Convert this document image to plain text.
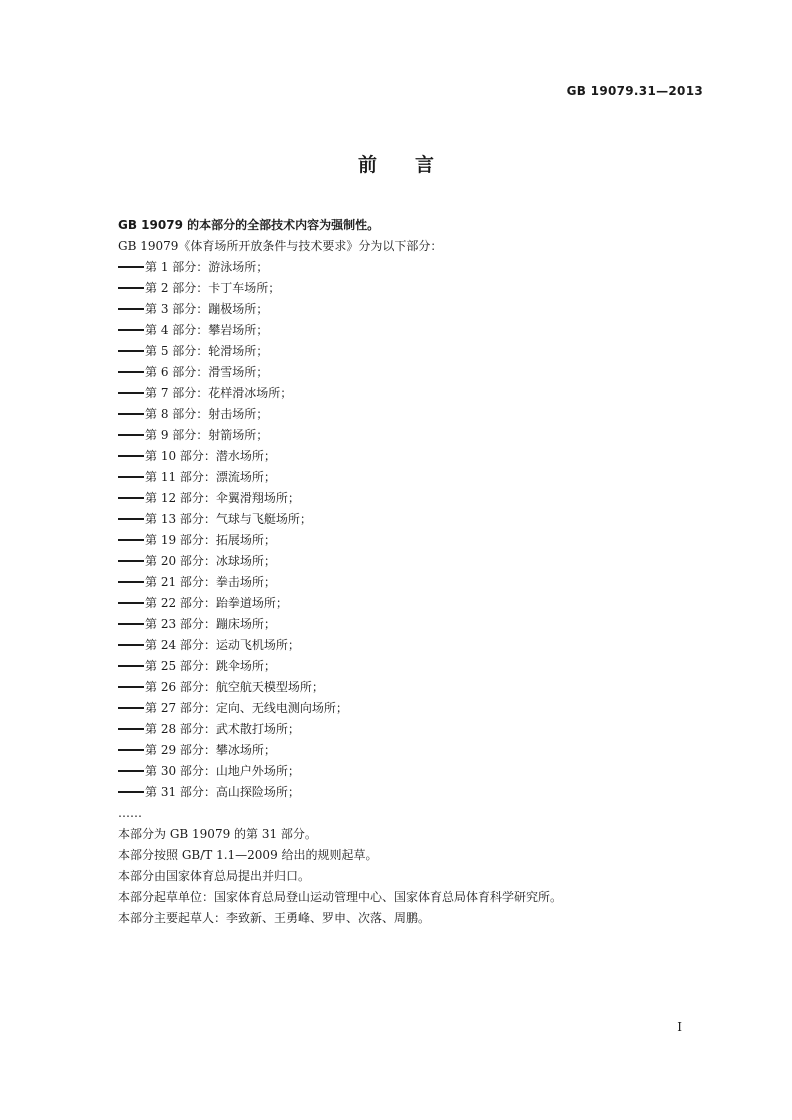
GB 19079.31—2013
前言
GB 19079 的本部分的全部技术内容为强制性。
GB 19079《体育场所开放条件与技术要求》分为以下部分：
第 1 部分：游泳场所；
第 2 部分：卡丁车场所；
第 3 部分：蹦极场所；
第 4 部分：攀岩场所；
第 5 部分：轮滑场所；
第 6 部分：滑雪场所；
第 7 部分：花样滑冰场所；
第 8 部分：射击场所；
第 9 部分：射箭场所；
第 10 部分：潜水场所；
第 11 部分：漂流场所；
第 12 部分：伞翼滑翔场所；
第 13 部分：气球与飞艇场所；
第 19 部分：拓展场所；
第 20 部分：冰球场所；
第 21 部分：拳击场所；
第 22 部分：跆拳道场所；
第 23 部分：蹦床场所；
第 24 部分：运动飞机场所；
第 25 部分：跳伞场所；
第 26 部分：航空航天模型场所；
第 27 部分：定向、无线电测向场所；
第 28 部分：武术散打场所；
第 29 部分：攀冰场所；
第 30 部分：山地户外场所；
第 31 部分：高山探险场所；
……
本部分为 GB 19079 的第 31 部分。
本部分按照 GB/T 1.1—2009 给出的规则起草。
本部分由国家体育总局提出并归口。
本部分起草单位：国家体育总局登山运动管理中心、国家体育总局体育科学研究所。
本部分主要起草人：李致新、王勇峰、罗申、次落、周鹏。
I
